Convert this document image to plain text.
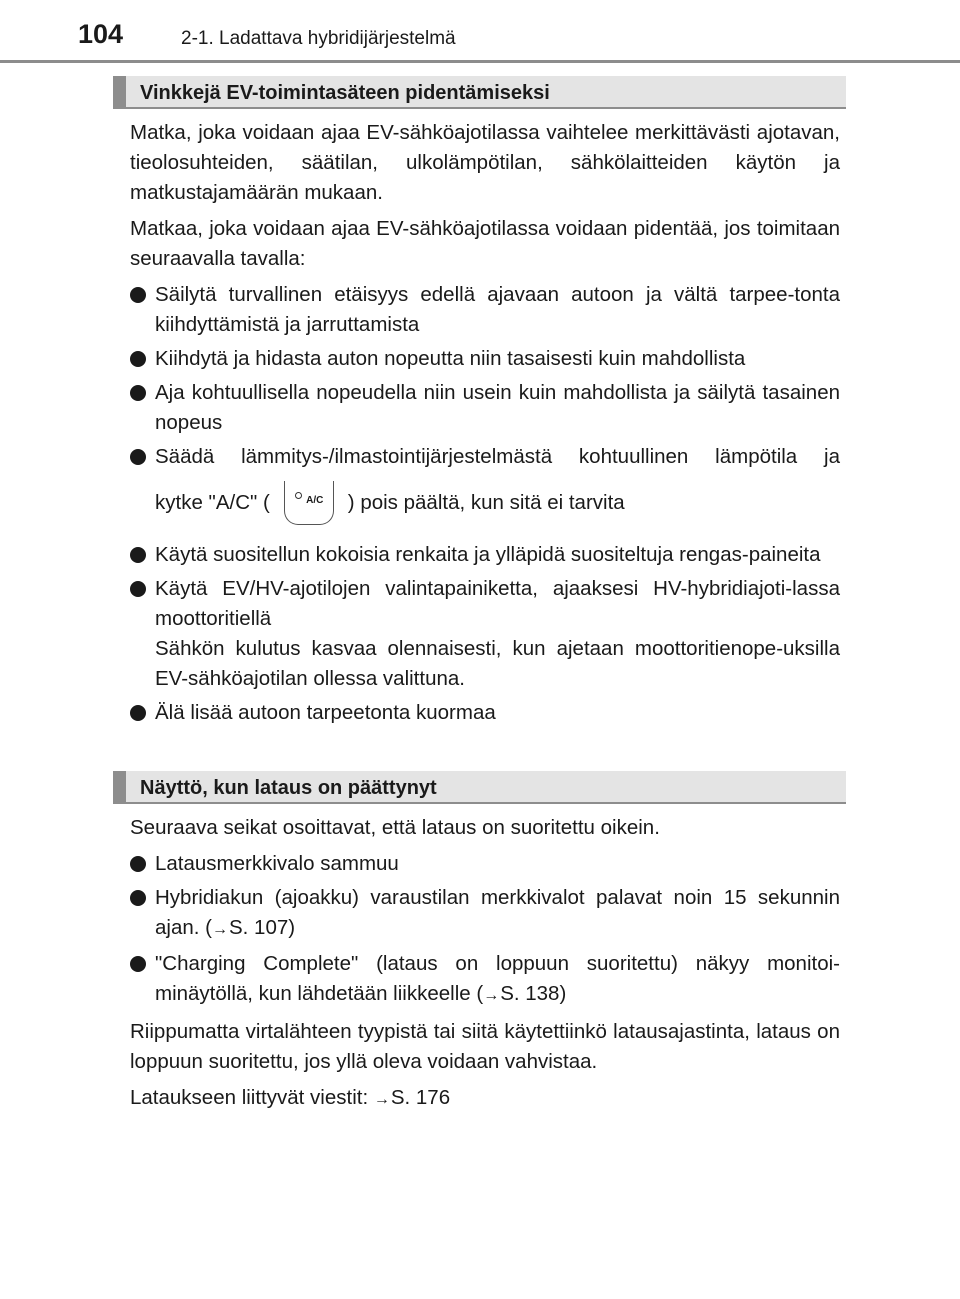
104	2-1. Ladattava hybridijärjestelmä
Vinkkejä EV-toimintasäteen pidentämiseksi

Matka, joka voidaan ajaa EV-sähköajotilassa vaihtelee merkittävästi ajotavan, tieolosuhteiden, säätilan, ulkolämpötilan, sähkölaitteiden käytön ja matkustajamäärän mukaan.

Matkaa, joka voidaan ajaa EV-sähköajotilassa voidaan pidentää, jos toimitaan seuraavalla tavalla:

Säilytä turvallinen etäisyys edellä ajavaan autoon ja vältä tarpee-tonta kiihdyttämistä ja jarruttamista
Kiihdytä ja hidasta auton nopeutta niin tasaisesti kuin mahdollista
Aja kohtuullisella nopeudella niin usein kuin mahdollista ja säilytä tasainen nopeus
Säädä lämmitys-/ilmastointijärjestelmästä kohtuullinen lämpötila ja
kytke "A/C" (	A/C ) pois päältä, kun sitä ei tarvita
Käytä suositellun kokoisia renkaita ja ylläpidä suositeltuja rengas-paineita
Käytä EV/HV-ajotilojen valintapainiketta, ajaaksesi HV-hybridiajoti-lassa moottoritiellä
Sähkön kulutus kasvaa olennaisesti, kun ajetaan moottoritienope-uksilla EV-sähköajotilan ollessa valittuna.
Älä lisää autoon tarpeetonta kuormaa
Näyttö, kun lataus on päättynyt

Seuraava seikat osoittavat, että lataus on suoritettu oikein.

Latausmerkkivalo sammuu
Hybridiakun (ajoakku) varaustilan merkkivalot palavat noin 15 sekunnin ajan. (→S. 107)
"Charging Complete" (lataus on loppuun suoritettu) näkyy monitoi-minäytöllä, kun lähdetään liikkeelle (→S. 138)

Riippumatta virtalähteen tyypistä tai siitä käytettiinkö latausajastinta, lataus on loppuun suoritettu, jos yllä oleva voidaan vahvistaa.

Lataukseen liittyvät viestit: →S. 176
